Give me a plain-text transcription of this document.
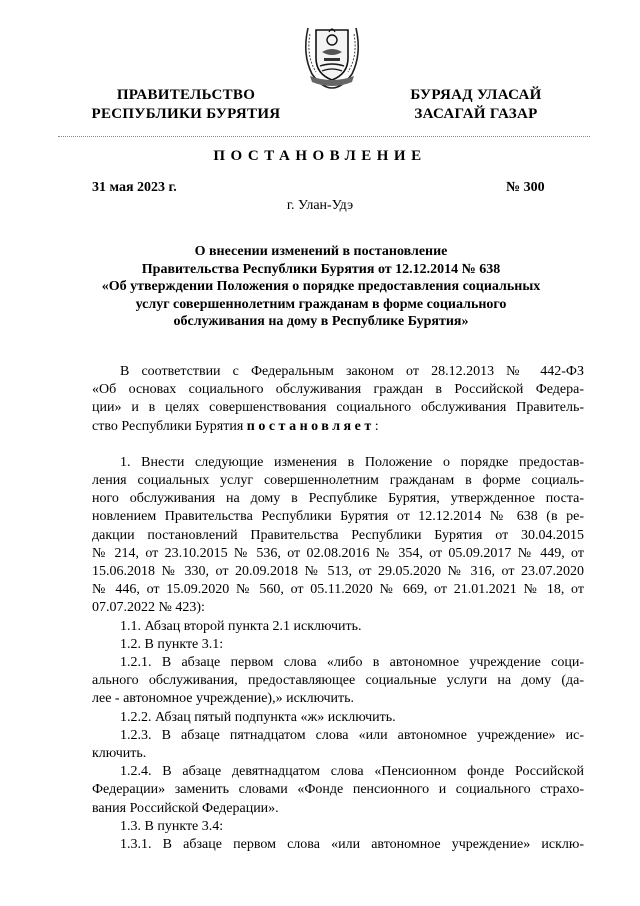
ПРАВИТЕЛЬСТВО
РЕСПУБЛИКИ БУРЯТИЯ
БУРЯАД УЛАСАЙ
ЗАСАГАЙ ГАЗАР
ПОСТАНОВЛЕНИЕ
31 мая 2023 г.	№ 300
г. Улан-Удэ
О внесении изменений в постановление
Правительства Республики Бурятия от 12.12.2014 № 638
«Об утверждении Положения о порядке предоставления социальных
услуг совершеннолетним гражданам в форме социального
обслуживания на дому в Республике Бурятия»
В соответствии с Федеральным законом от 28.12.2013 № 442-ФЗ
«Об основах социального обслуживания граждан в Российской Федера-
ции» и в целях совершенствования социального обслуживания Правитель-
ство Республики Бурятия постановляет:
1. Внести следующие изменения в Положение о порядке предостав-
ления социальных услуг совершеннолетним гражданам в форме социаль-
ного обслуживания на дому в Республике Бурятия, утвержденное поста-
новлением Правительства Республики Бурятия от 12.12.2014 № 638 (в ре-
дакции постановлений Правительства Республики Бурятия от 30.04.2015
№ 214, от 23.10.2015 № 536, от 02.08.2016 № 354, от 05.09.2017 № 449, от
15.06.2018 № 330, от 20.09.2018 № 513, от 29.05.2020 № 316, от 23.07.2020
№ 446, от 15.09.2020 № 560, от 05.11.2020 № 669, от 21.01.2021 № 18, от
07.07.2022 № 423):
1.1. Абзац второй пункта 2.1 исключить.
1.2. В пункте 3.1:
1.2.1. В абзаце первом слова «либо в автономное учреждение соци-
ального обслуживания, предоставляющее социальные услуги на дому (да-
лее - автономное учреждение),» исключить.
1.2.2. Абзац пятый подпункта «ж» исключить.
1.2.3. В абзаце пятнадцатом слова «или автономное учреждение» ис-
ключить.
1.2.4. В абзаце девятнадцатом слова «Пенсионном фонде Российской
Федерации» заменить словами «Фонде пенсионного и социального страхо-
вания Российской Федерации».
1.3. В пункте 3.4:
1.3.1. В абзаце первом слова «или автономное учреждение» исклю-
